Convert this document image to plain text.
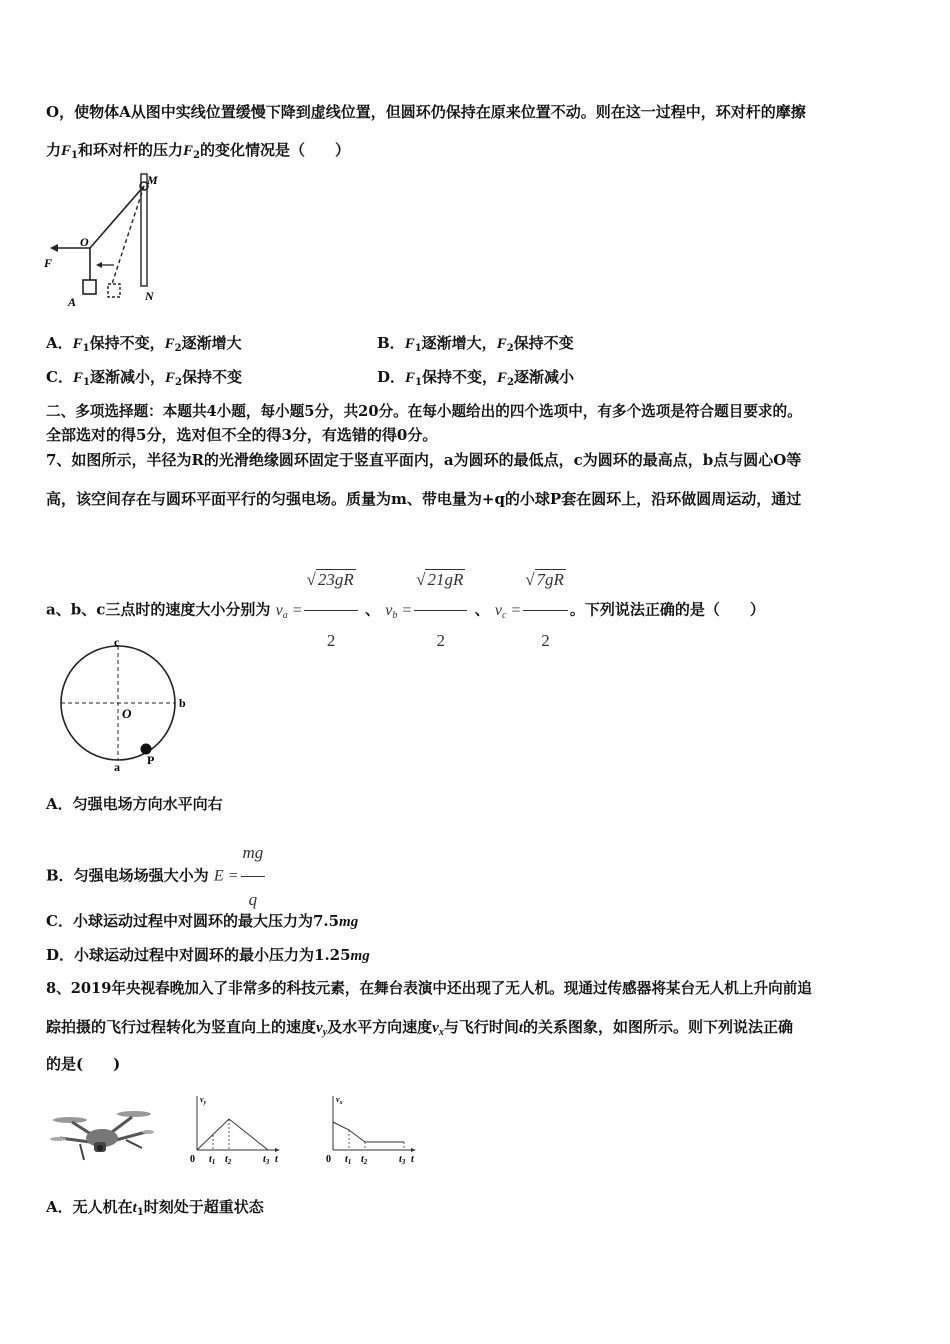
O，使物体A从图中实线位置缓慢下降到虚线位置，但圆环仍保持在原来位置不动。则在这一过程中，环对杆的摩擦
力$F_1$和环对杆的压力$F_2$的变化情况是（　　）
M
O
F
A	N
A．$F_1$保持不变，$F_2$逐渐增大	B．$F_1$逐渐增大，$F_2$保持不变
C．$F_1$逐渐减小，$F_2$保持不变	D．$F_1$保持不变，$F_2$逐渐减小
二、多项选择题：本题共4小题，每小题5分，共20分。在每小题给出的四个选项中，有多个选项是符合题目要求的。
全部选对的得5分，选对但不全的得3分，有选错的得0分。
7、如图所示，半径为R的光滑绝缘圆环固定于竖直平面内，a为圆环的最低点，c为圆环的最高点，b点与圆心O等
高，该空间存在与圆环平面平行的匀强电场。质量为m、带电量为+q的小球P套在圆环上，沿环做圆周运动，通过
a、b、c三点时的速度大小分别为 $v_a = \frac{√ 23gR}{2}$ 、 $v_b = \frac{√ 21gR}{2}$ 、 $v_c = \frac{√ 7gR}{2}$ 。下列说法正确的是（　　）
c
b
O
a P
A．匀强电场方向水平向右
B．匀强电场场强大小为 $E = \frac{mg}{q}$
C．小球运动过程中对圆环的最大压力为7.5mg
D．小球运动过程中对圆环的最小压力为1.25mg
8、2019年央视春晚加入了非常多的科技元素，在舞台表演中还出现了无人机。现通过传感器将某台无人机上升向前追
踪拍摄的飞行过程转化为竖直向上的速度$v_y$及水平方向速度$v_x$与飞行时间t的关系图象，如图所示。则下列说法正确
的是(　　)
$v_y$
0 $t_1$ $t_2$	$t_3$ t
$v_x$
0 $t_1$ $t_2$	$t_3$ t
A．无人机在$t_1$时刻处于超重状态
